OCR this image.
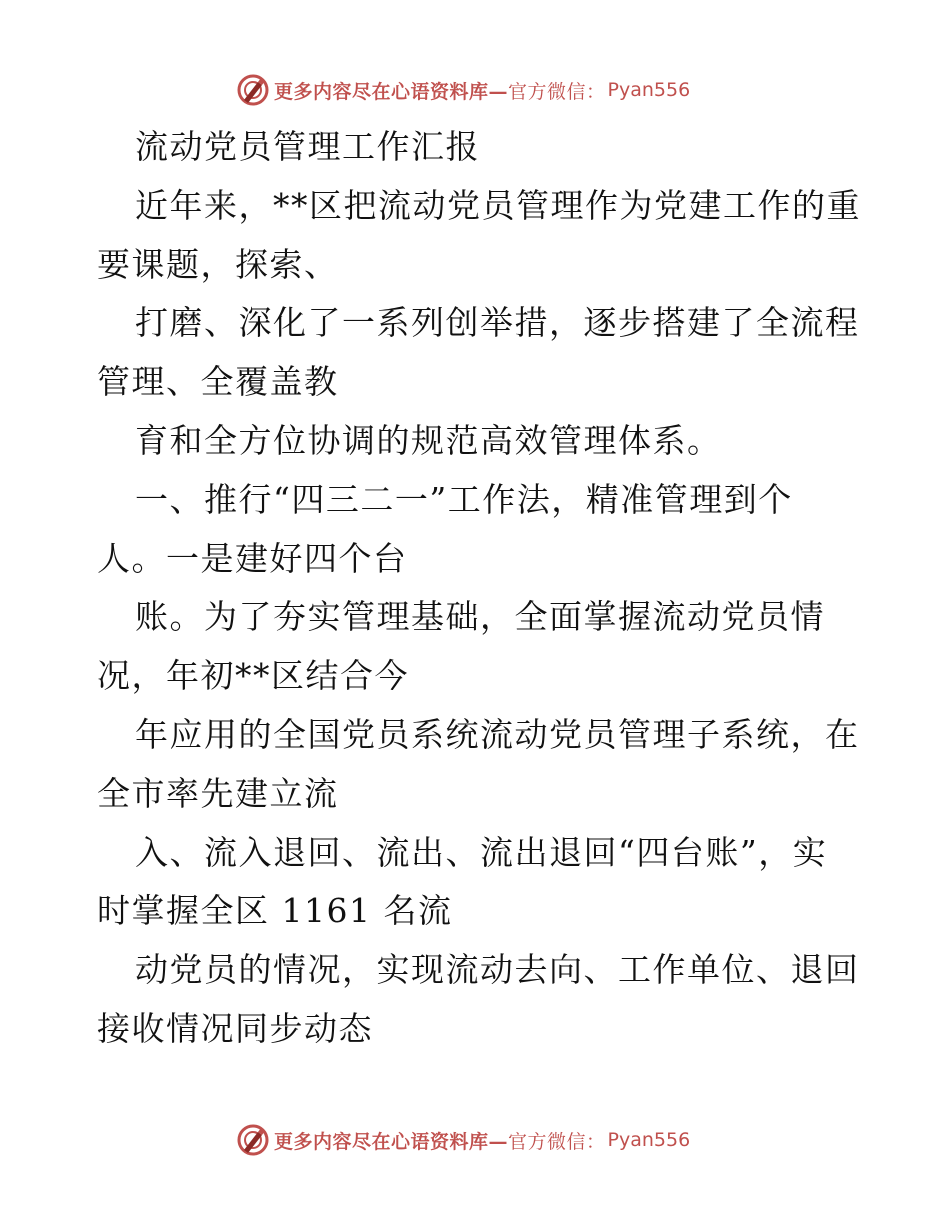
更多内容尽在心语资料库— 官方微信： Pyan556
流动党员管理工作汇报
近年来，**区把流动党员管理作为党建工作的重
要课题，探索、
打磨、深化了一系列创举措，逐步搭建了全流程
管理、全覆盖教
育和全方位协调的规范高效管理体系。
一、推行“四三二一”工作法，精准管理到个
人。一是建好四个台
账。为了夯实管理基础，全面掌握流动党员情
况，年初**区结合今
年应用的全国党员系统流动党员管理子系统，在
全市率先建立流
入、流入退回、流出、流出退回“四台账”，实
时掌握全区 1161 名流
动党员的情况，实现流动去向、工作单位、退回
接收情况同步动态
更多内容尽在心语资料库— 官方微信： Pyan556
